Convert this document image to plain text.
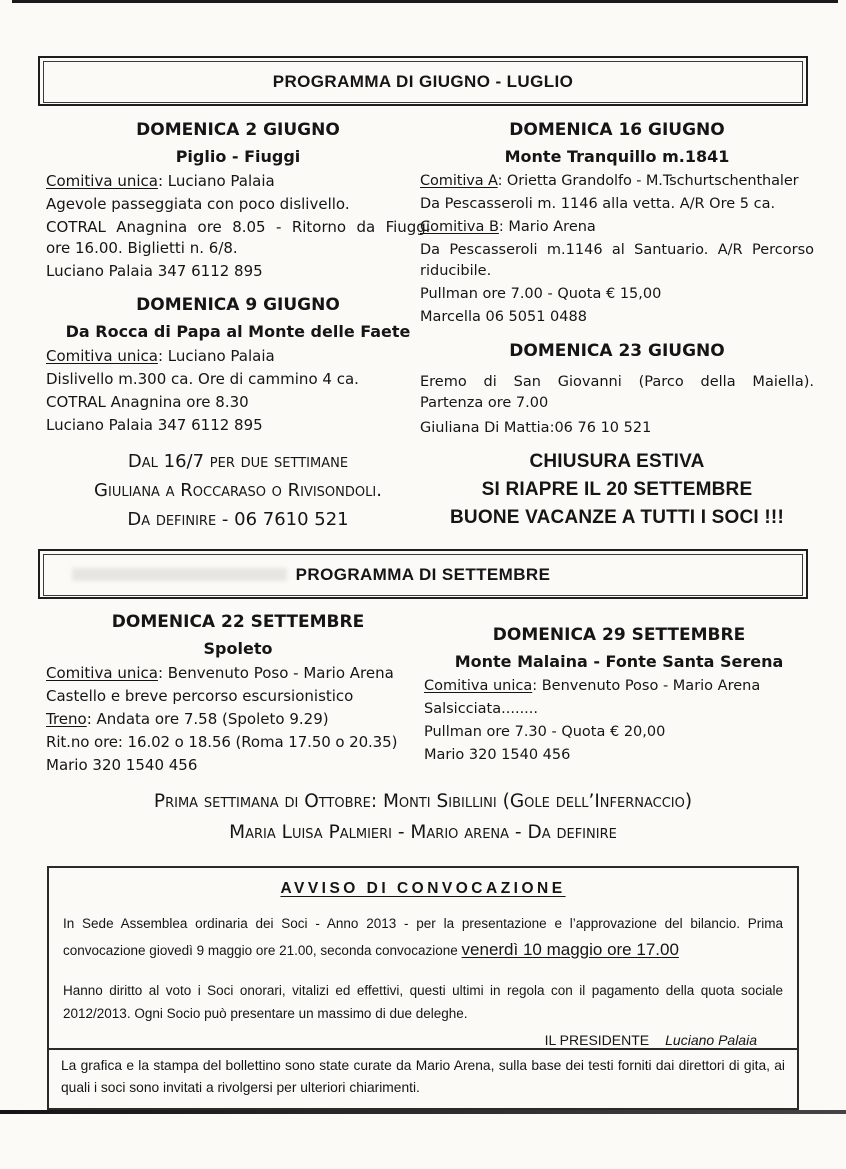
PROGRAMMA DI GIUGNO - LUGLIO
DOMENICA 2 GIUGNO
Piglio - Fiuggi
Comitiva unica: Luciano Palaia
Agevole passeggiata con poco dislivello.
COTRAL Anagnina ore 8.05 - Ritorno da Fiuggi
ore 16.00. Biglietti n. 6/8.
Luciano Palaia 347 6112 895
DOMENICA 9 GIUGNO
Da Rocca di Papa al Monte delle Faete
Comitiva unica: Luciano Palaia
Dislivello m.300 ca. Ore di cammino 4 ca.
COTRAL Anagnina ore 8.30
Luciano Palaia 347 6112 895
Dal 16/7 per due settimane
Giuliana a Roccaraso o Rivisondoli.
Da definire - 06 7610 521
DOMENICA 16 GIUGNO
Monte Tranquillo m.1841
Comitiva A: Orietta Grandolfo - M.Tschurtschenthaler
Da Pescasseroli m. 1146 alla vetta. A/R Ore 5 ca.
Comitiva B: Mario Arena
Da Pescasseroli m.1146 al Santuario. A/R Percorso
riducibile.
Pullman ore 7.00 - Quota € 15,00
Marcella 06 5051 0488
DOMENICA 23 GIUGNO
Eremo di San Giovanni (Parco della Maiella).
Partenza ore 7.00
Giuliana Di Mattia:06 76 10 521
CHIUSURA ESTIVA
SI RIAPRE IL 20 SETTEMBRE
BUONE VACANZE A TUTTI I SOCI !!!
PROGRAMMA DI SETTEMBRE
DOMENICA 22 SETTEMBRE
Spoleto
Comitiva unica: Benvenuto Poso - Mario Arena
Castello e breve percorso escursionistico
Treno: Andata ore 7.58 (Spoleto 9.29)
Rit.no ore: 16.02 o 18.56 (Roma 17.50 o 20.35)
Mario 320 1540 456
DOMENICA 29 SETTEMBRE
Monte Malaina - Fonte Santa Serena
Comitiva unica: Benvenuto Poso - Mario Arena
Salsicciata........
Pullman ore 7.30 - Quota € 20,00
Mario 320 1540 456
Prima settimana di Ottobre: Monti Sibillini (Gole dell’Infernaccio)
Maria Luisa Palmieri - Mario arena - Da definire
AVVISO DI CONVOCAZIONE

In Sede Assemblea ordinaria dei Soci - Anno 2013 - per la presentazione e l’approvazione del bilancio. Prima convocazione giovedì 9 maggio ore 21.00, seconda convocazione venerdì 10 maggio ore 17.00

Hanno diritto al voto i Soci onorari, vitalizi ed effettivi, questi ultimi in regola con il pagamento della quota sociale 2012/2013. Ogni Socio può presentare un massimo di due deleghe.

IL PRESIDENTE Luciano Palaia
La grafica e la stampa del bollettino sono state curate da Mario Arena, sulla base dei testi forniti dai direttori di gita, ai quali i soci sono invitati a rivolgersi per ulteriori chiarimenti.
